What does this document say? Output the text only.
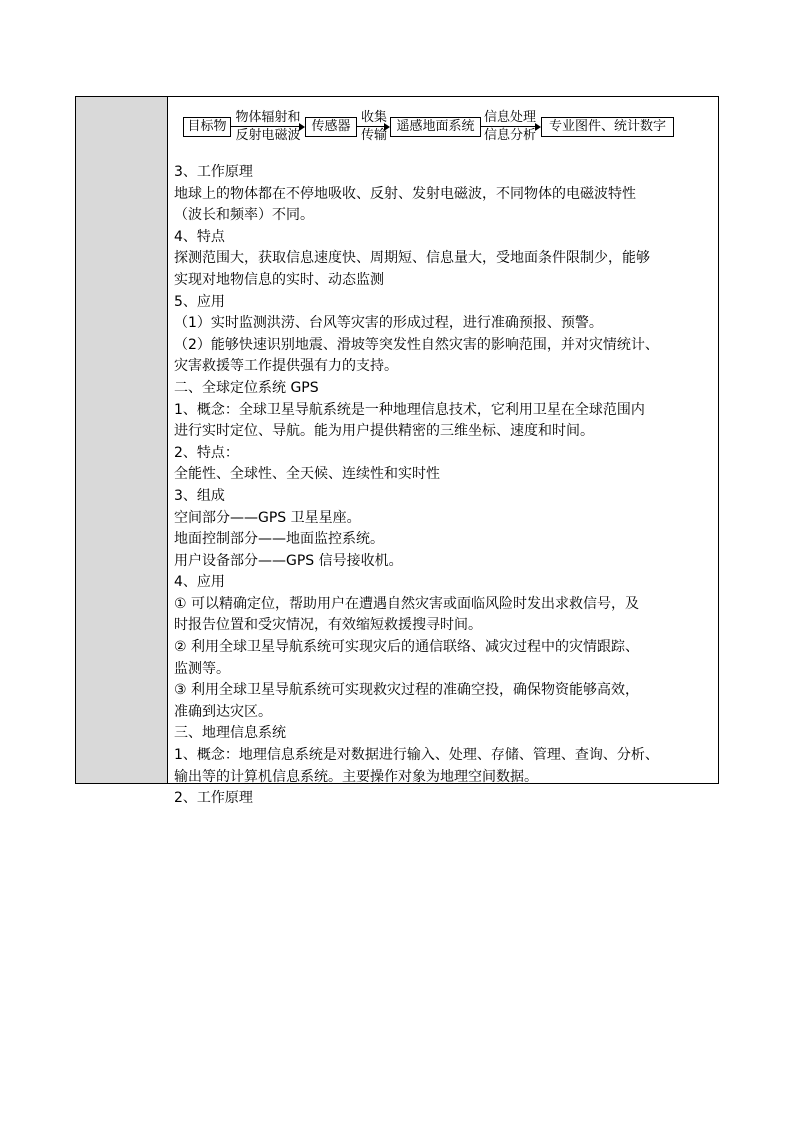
目标物
物体辐射和
反射电磁波
传感器
收集
传输
遥感地面系统
信息处理
信息分析
专业图件、统计数字
3、工作原理
地球上的物体都在不停地吸收、反射、发射电磁波，不同物体的电磁波特性
（波长和频率）不同。
4、特点
探测范围大，获取信息速度快、周期短、信息量大，受地面条件限制少，能够
实现对地物信息的实时、动态监测
5、应用
（1）实时监测洪涝、台风等灾害的形成过程，进行准确预报、预警。
（2）能够快速识别地震、滑坡等突发性自然灾害的影响范围，并对灾情统计、
灾害救援等工作提供强有力的支持。
二、全球定位系统 GPS
1、概念：全球卫星导航系统是一种地理信息技术，它利用卫星在全球范围内
进行实时定位、导航。能为用户提供精密的三维坐标、速度和时间。
2、特点：
全能性、全球性、全天候、连续性和实时性
3、组成
空间部分——GPS 卫星星座。
地面控制部分——地面监控系统。
用户设备部分——GPS 信号接收机。
4、应用
① 可以精确定位，帮助用户在遭遇自然灾害或面临风险时发出求救信号，及
时报告位置和受灾情况，有效缩短救援搜寻时间。
② 利用全球卫星导航系统可实现灾后的通信联络、减灾过程中的灾情跟踪、
监测等。
③ 利用全球卫星导航系统可实现救灾过程的准确空投，确保物资能够高效，
准确到达灾区。
三、地理信息系统
1、概念：地理信息系统是对数据进行输入、处理、存储、管理、查询、分析、
输出等的计算机信息系统。主要操作对象为地理空间数据。
2、工作原理
